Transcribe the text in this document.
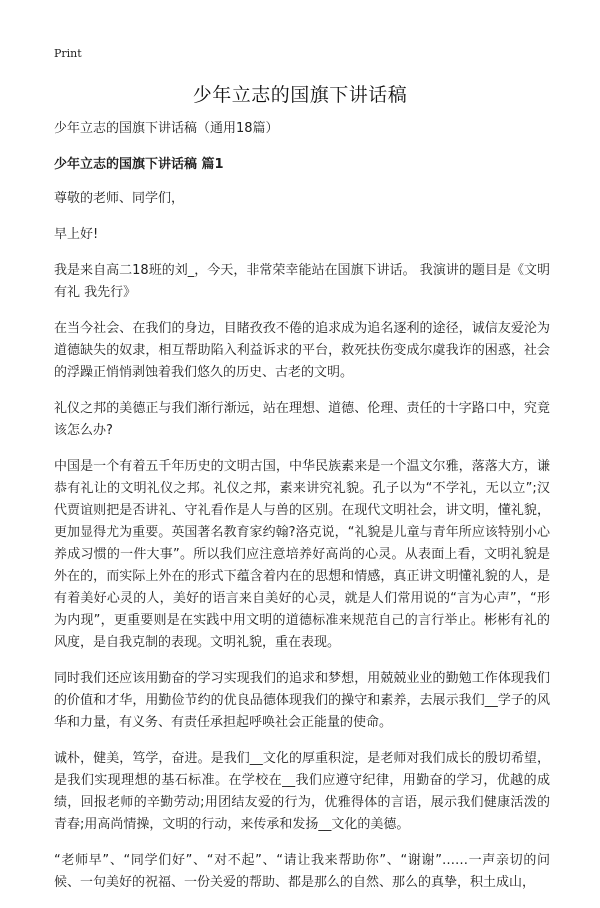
Print
少年立志的国旗下讲话稿

少年立志的国旗下讲话稿（通用18篇）

少年立志的国旗下讲话稿 篇1

尊敬的老师、同学们，

早上好!

我是来自高二18班的刘_，今天，非常荣幸能站在国旗下讲话。 我演讲的题目是《文明有礼 我先行》

在当今社会、在我们的身边，目睹孜孜不倦的追求成为追名逐利的途径，诚信友爱沦为道德缺失的奴隶，相互帮助陷入利益诉求的平台，救死扶伤变成尔虞我诈的困惑，社会的浮躁正悄悄剥蚀着我们悠久的历史、古老的文明。

礼仪之邦的美德正与我们渐行渐远，站在理想、道德、伦理、责任的十字路口中，究竟该怎么办?

中国是一个有着五千年历史的文明古国，中华民族素来是一个温文尔雅，落落大方，谦恭有礼让的文明礼仪之邦。礼仪之邦，素来讲究礼貌。孔子以为“不学礼，无以立”;汉代贾谊则把是否讲礼、守礼看作是人与兽的区别。在现代文明社会，讲文明，懂礼貌，更加显得尤为重要。英国著名教育家约翰?洛克说，“礼貌是儿童与青年所应该特别小心养成习惯的一件大事”。所以我们应注意培养好高尚的心灵。从表面上看，文明礼貌是外在的，而实际上外在的形式下蕴含着内在的思想和情感，真正讲文明懂礼貌的人，是有着美好心灵的人，美好的语言来自美好的心灵，就是人们常用说的“言为心声”，“形为内现”，更重要则是在实践中用文明的道德标准来规范自己的言行举止。彬彬有礼的风度，是自我克制的表现。文明礼貌，重在表现。

同时我们还应该用勤奋的学习实现我们的追求和梦想，用兢兢业业的勤勉工作体现我们的价值和才华，用勤俭节约的优良品德体现我们的操守和素养，去展示我们__学子的风华和力量，有义务、有责任承担起呼唤社会正能量的使命。

诚朴，健美，笃学，奋进。是我们__文化的厚重积淀，是老师对我们成长的殷切希望，是我们实现理想的基石标准。在学校在__我们应遵守纪律，用勤奋的学习，优越的成绩，回报老师的辛勤劳动;用团结友爱的行为，优雅得体的言语，展示我们健康活泼的青春;用高尚情操，文明的行动，来传承和发扬__文化的美德。

“老师早”、“同学们好”、“对不起”、“请让我来帮助你”、“谢谢”……一声亲切的问候、一句美好的祝福、一份关爱的帮助、都是那么的自然、那么的真挚，积土成山，
